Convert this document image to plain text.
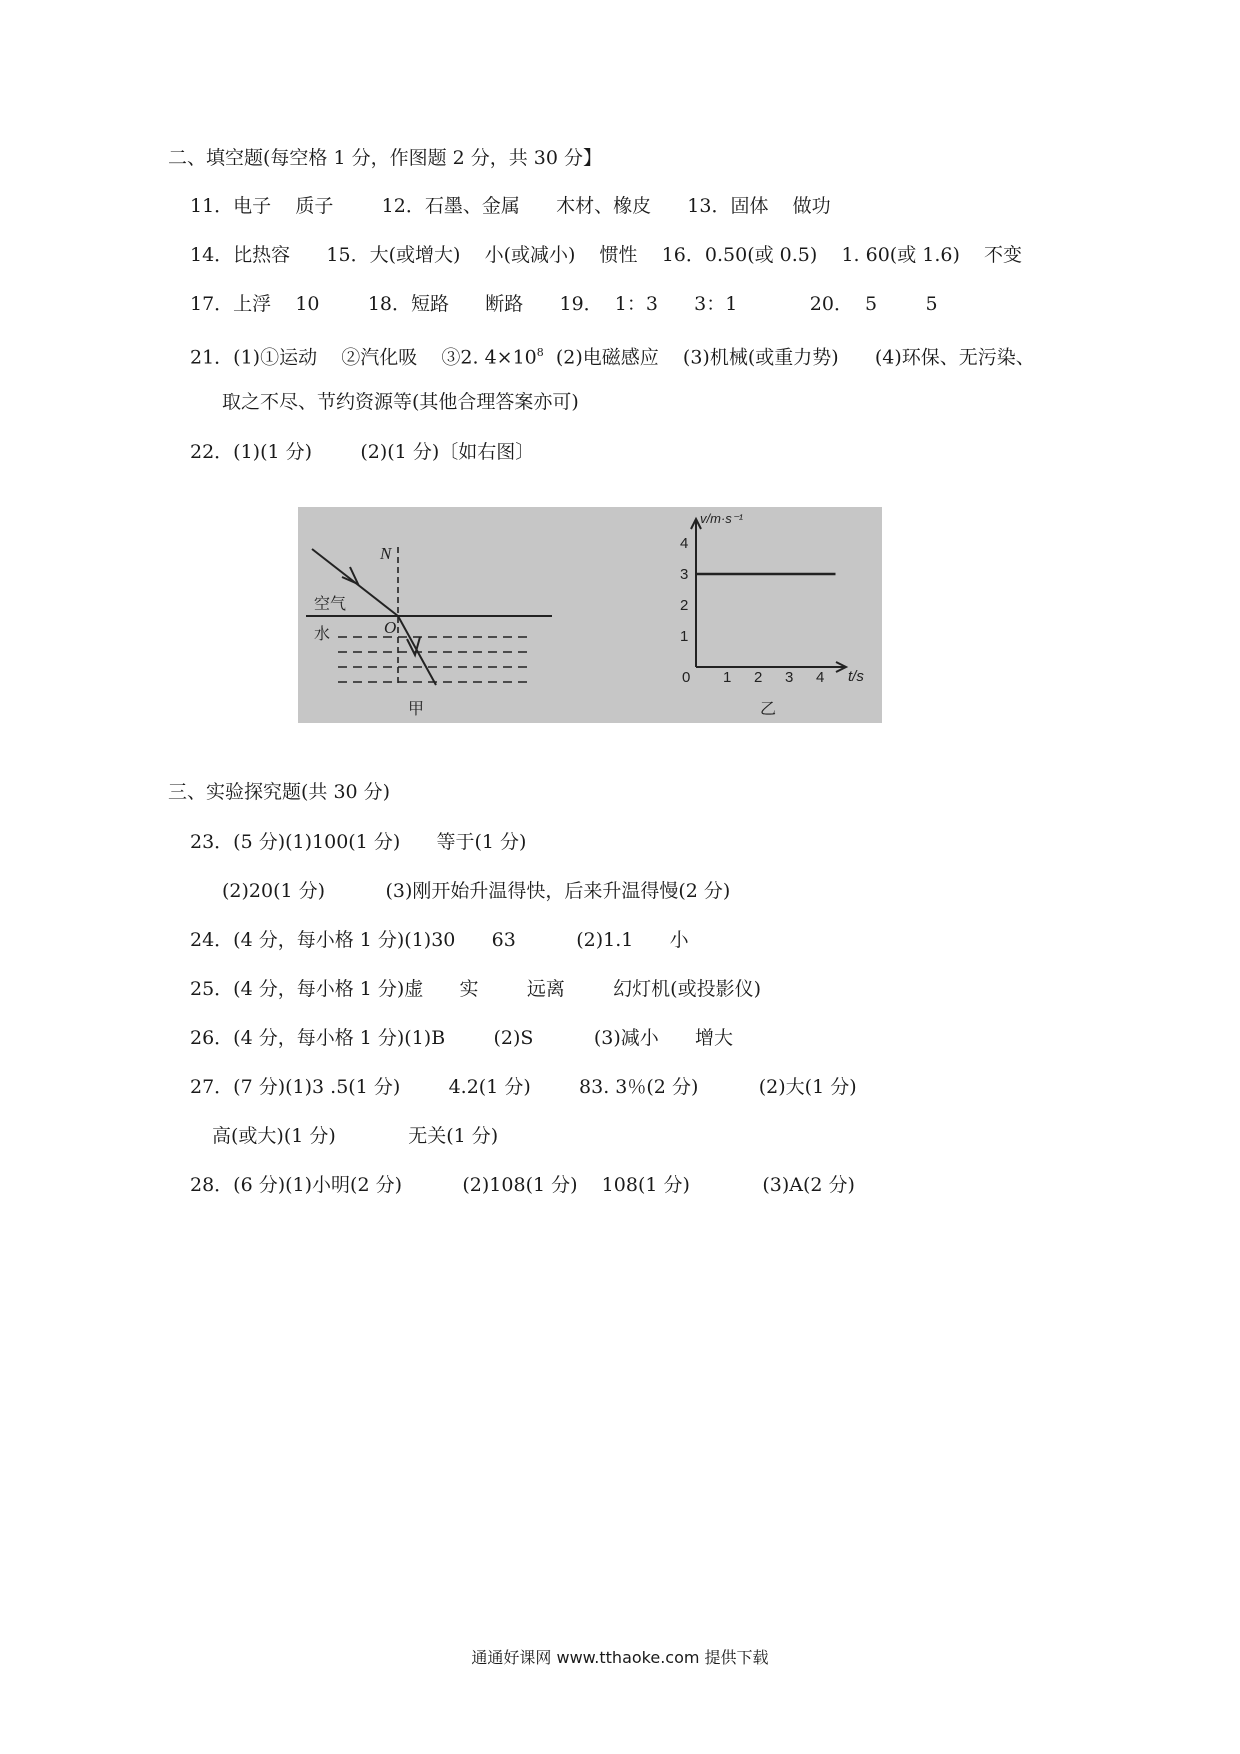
二、填空题(每空格 1 分，作图题 2 分，共 30 分】
11．电子    质子        12．石墨、金属      木材、橡皮      13．固体    做功
14．比热容      15．大(或增大)    小(或减小)    惯性    16．0.50(或 0.5)    1. 60(或 1.6)    不变
17．上浮    10        18．短路      断路      19．  1：3      3：1            20．  5        5
21．(1)①运动    ②汽化吸    ③2. $4\times 10^8$  (2)电磁感应    (3)机械(或重力势)      (4)环保、无污染、
取之不尽、节约资源等(其他合理答案亦可)
22．(1)(1 分)        (2)(1 分)〔如右图〕
N
O
空气
水
甲
1
2
3
4
1 2 3 4
0
v/m·s⁻¹
t/s
乙
三、实验探究题(共 30 分)
23．(5 分)(1)100(1 分)      等于(1 分)
(2)20(1 分)          (3)刚开始升温得快，后来升温得慢(2 分)
24．(4 分，每小格 1 分)(1)30      63          (2)1.1      小
25．(4 分，每小格 1 分)虚      实        远离        幻灯机(或投影仪)
26．(4 分，每小格 1 分)(1)B        (2)S          (3)减小      增大
27．(7 分)(1)3 .5(1 分)        4.2(1 分)        83. 3％(2 分)          (2)大(1 分)
高(或大)(1 分)            无关(1 分)
28．(6 分)(1)小明(2 分)          (2)108(1 分)    108(1 分)            (3)A(2 分)
通通好课网 www.tthaoke.com 提供下载
